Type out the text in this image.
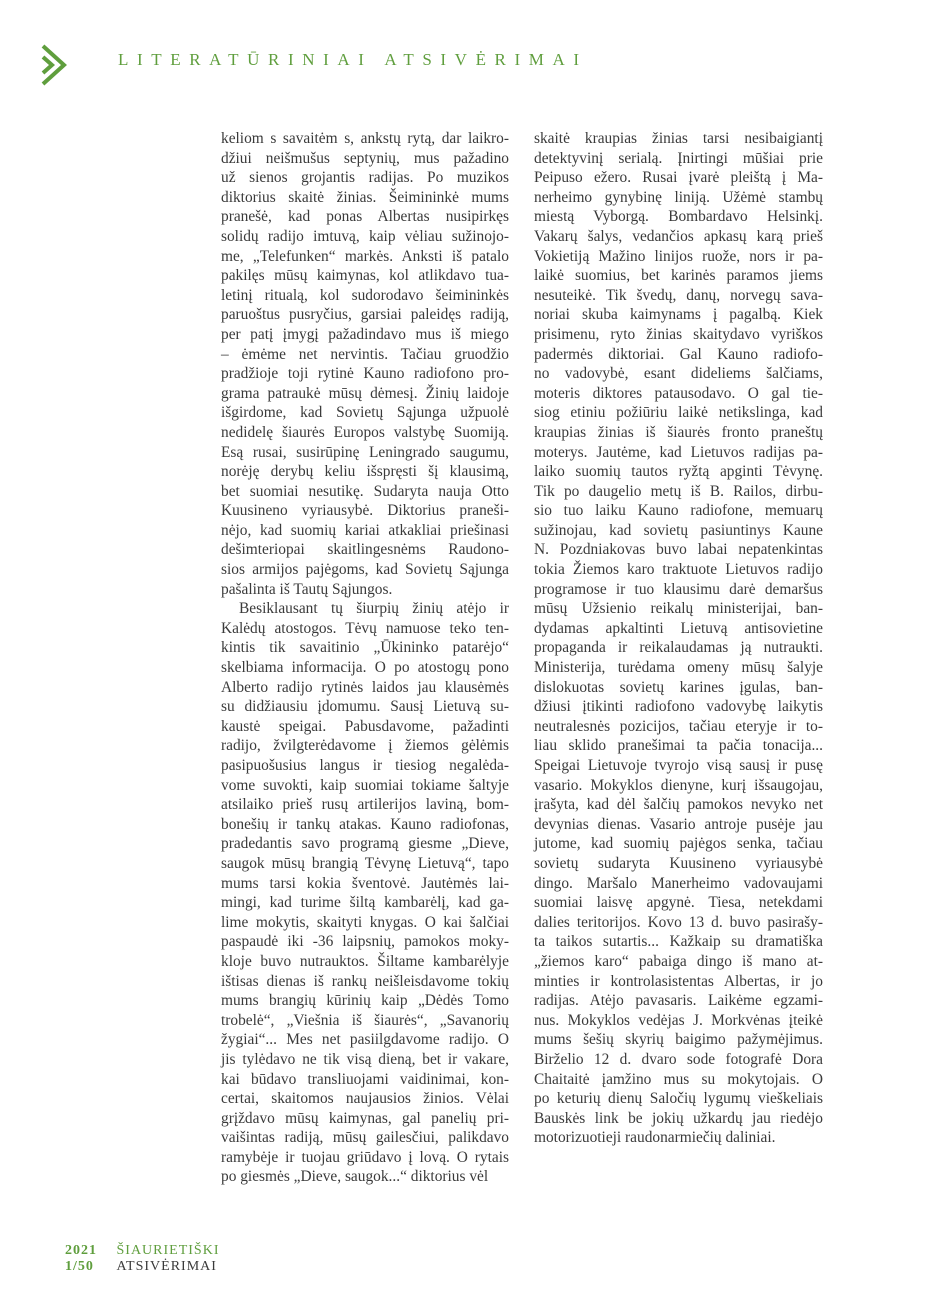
LITERATŪRINIAI ATSIVĖRIMAI
keliom s savaitėm s, ankstų rytą, dar laikro-
džiui neišmušus septynių, mus pažadino
už sienos grojantis radijas. Po muzikos
diktorius skaitė žinias. Šeimininkė mums
pranešė, kad ponas Albertas nusipirkęs
solidų radijo imtuvą, kaip vėliau sužinojo-
me, „Telefunken“ markės. Anksti iš patalo
pakilęs mūsų kaimynas, kol atlikdavo tua-
letinį ritualą, kol sudorodavo šeimininkės
paruoštus pusryčius, garsiai paleidęs radiją,
per patį įmygį pažadindavo mus iš miego
– ėmėme net nervintis. Tačiau gruodžio
pradžioje toji rytinė Kauno radiofono pro-
grama patraukė mūsų dėmesį. Žinių laidoje
išgirdome, kad Sovietų Sąjunga užpuolė
nedidelę šiaurės Europos valstybę Suomiją.
Esą rusai, susirūpinę Leningrado saugumu,
norėję derybų keliu išspręsti šį klausimą,
bet suomiai nesutikę. Sudaryta nauja Otto
Kuusineno vyriausybė. Diktorius praneši-
nėjo, kad suomių kariai atkakliai priešinasi
dešimteriopai skaitlingesnėms Raudono-
sios armijos pajėgoms, kad Sovietų Sąjunga
pašalinta iš Tautų Sąjungos.
Besiklausant tų šiurpių žinių atėjo ir
Kalėdų atostogos. Tėvų namuose teko ten-
kintis tik savaitinio „Ūkininko patarėjo“
skelbiama informacija. O po atostogų pono
Alberto radijo rytinės laidos jau klausėmės
su didžiausiu įdomumu. Sausį Lietuvą su-
kaustė speigai. Pabusdavome, pažadinti
radijo, žvilgterėdavome į žiemos gėlėmis
pasipuošusius langus ir tiesiog negalėda-
vome suvokti, kaip suomiai tokiame šaltyje
atsilaiko prieš rusų artilerijos laviną, bom-
bonešių ir tankų atakas. Kauno radiofonas,
pradedantis savo programą giesme „Dieve,
saugok mūsų brangią Tėvynę Lietuvą“, tapo
mums tarsi kokia šventovė. Jautėmės lai-
mingi, kad turime šiltą kambarėlį, kad ga-
lime mokytis, skaityti knygas. O kai šalčiai
paspaudė iki -36 laipsnių, pamokos moky-
kloje buvo nutrauktos. Šiltame kambarėlyje
ištisas dienas iš rankų neišleisdavome tokių
mums brangių kūrinių kaip „Dėdės Tomo
trobelė“, „Viešnia iš šiaurės“, „Savanorių
žygiai“... Mes net pasiilgdavome radijo. O
jis tylėdavo ne tik visą dieną, bet ir vakare,
kai būdavo transliuojami vaidinimai, kon-
certai, skaitomos naujausios žinios. Vėlai
grįždavo mūsų kaimynas, gal panelių pri-
vaišintas radiją, mūsų gailesčiui, palikdavo
ramybėje ir tuojau griūdavo į lovą. O rytais
po giesmės „Dieve, saugok...“ diktorius vėl
skaitė kraupias žinias tarsi nesibaigiantį
detektyvinį serialą. Įnirtingi mūšiai prie
Peipuso ežero. Rusai įvarė pleištą į Ma-
nerheimo gynybinę liniją. Užėmė stambų
miestą Vyborgą. Bombardavo Helsinkį.
Vakarų šalys, vedančios apkasų karą prieš
Vokietiją Mažino linijos ruože, nors ir pa-
laikė suomius, bet karinės paramos jiems
nesuteikė. Tik švedų, danų, norvegų sava-
noriai skuba kaimynams į pagalbą. Kiek
prisimenu, ryto žinias skaitydavo vyriškos
padermės diktoriai. Gal Kauno radiofo-
no vadovybė, esant dideliems šalčiams,
moteris diktores patausodavo. O gal tie-
siog etiniu požiūriu laikė netikslinga, kad
kraupias žinias iš šiaurės fronto praneštų
moterys. Jautėme, kad Lietuvos radijas pa-
laiko suomių tautos ryžtą apginti Tėvynę.
Tik po daugelio metų iš B. Railos, dirbu-
sio tuo laiku Kauno radiofone, memuarų
sužinojau, kad sovietų pasiuntinys Kaune
N. Pozdniakovas buvo labai nepatenkintas
tokia Žiemos karo traktuote Lietuvos radijo
programose ir tuo klausimu darė demaršus
mūsų Užsienio reikalų ministerijai, ban-
dydamas apkaltinti Lietuvą antisovietine
propaganda ir reikalaudamas ją nutraukti.
Ministerija, turėdama omeny mūsų šalyje
dislokuotas sovietų karines įgulas, ban-
džiusi įtikinti radiofono vadovybę laikytis
neutralesnės pozicijos, tačiau eteryje ir to-
liau sklido pranešimai ta pačia tonacija...
Speigai Lietuvoje tvyrojo visą sausį ir pusę
vasario. Mokyklos dienyne, kurį išsaugojau,
įrašyta, kad dėl šalčių pamokos nevyko net
devynias dienas. Vasario antroje pusėje jau
jutome, kad suomių pajėgos senka, tačiau
sovietų sudaryta Kuusineno vyriausybė
dingo. Maršalo Manerheimo vadovaujami
suomiai laisvę apgynė. Tiesa, netekdami
dalies teritorijos. Kovo 13 d. buvo pasirašy-
ta taikos sutartis... Kažkaip su dramatiška
„žiemos karo“ pabaiga dingo iš mano at-
minties ir kontrolasistentas Albertas, ir jo
radijas. Atėjo pavasaris. Laikėme egzami-
nus. Mokyklos vedėjas J. Morkvėnas įteikė
mums šešių skyrių baigimo pažymėjimus.
Birželio 12 d. dvaro sode fotografė Dora
Chaitaitė įamžino mus su mokytojais. O
po keturių dienų Saločių lygumų vieškeliais
Bauskės link be jokių užkardų jau riedėjo
motorizuotieji raudonarmiečių daliniai.
2021
1/50

ŠIAURIETIŠKI
ATSIVĖRIMAI
